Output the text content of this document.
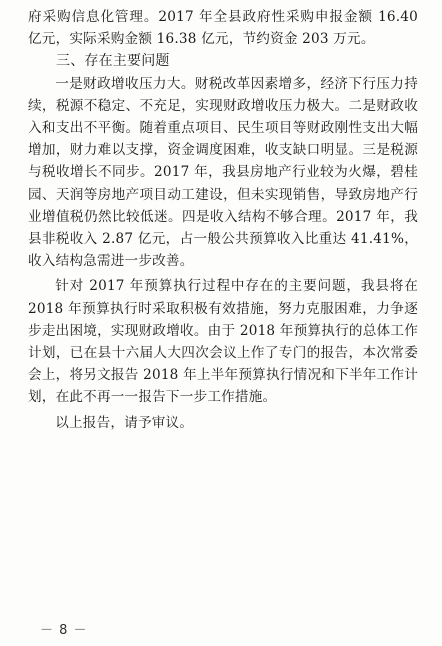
府采购信息化管理。2017 年全县政府性采购申报金额 16.40 亿元，实际采购金额 16.38 亿元，节约资金 203 万元。

三、存在主要问题

一是财政增收压力大。财税改革因素增多，经济下行压力持续，税源不稳定、不充足，实现财政增收压力极大。二是财政收入和支出不平衡。随着重点项目、民生项目等财政刚性支出大幅增加，财力难以支撑，资金调度困难，收支缺口明显。三是税源与税收增长不同步。2017 年，我县房地产行业较为火爆，碧桂园、天润等房地产项目动工建设，但未实现销售，导致房地产行业增值税仍然比较低迷。四是收入结构不够合理。2017 年，我县非税收入 2.87 亿元，占一般公共预算收入比重达 41.41%，收入结构急需进一步改善。

针对 2017 年预算执行过程中存在的主要问题，我县将在 2018 年预算执行时采取积极有效措施，努力克服困难，力争逐步走出困境，实现财政增收。由于 2018 年预算执行的总体工作计划，已在县十六届人大四次会议上作了专门的报告，本次常委会上，将另文报告 2018 年上半年预算执行情况和下半年工作计划，在此不再一一报告下一步工作措施。

以上报告，请予审议。

－ 8 －
